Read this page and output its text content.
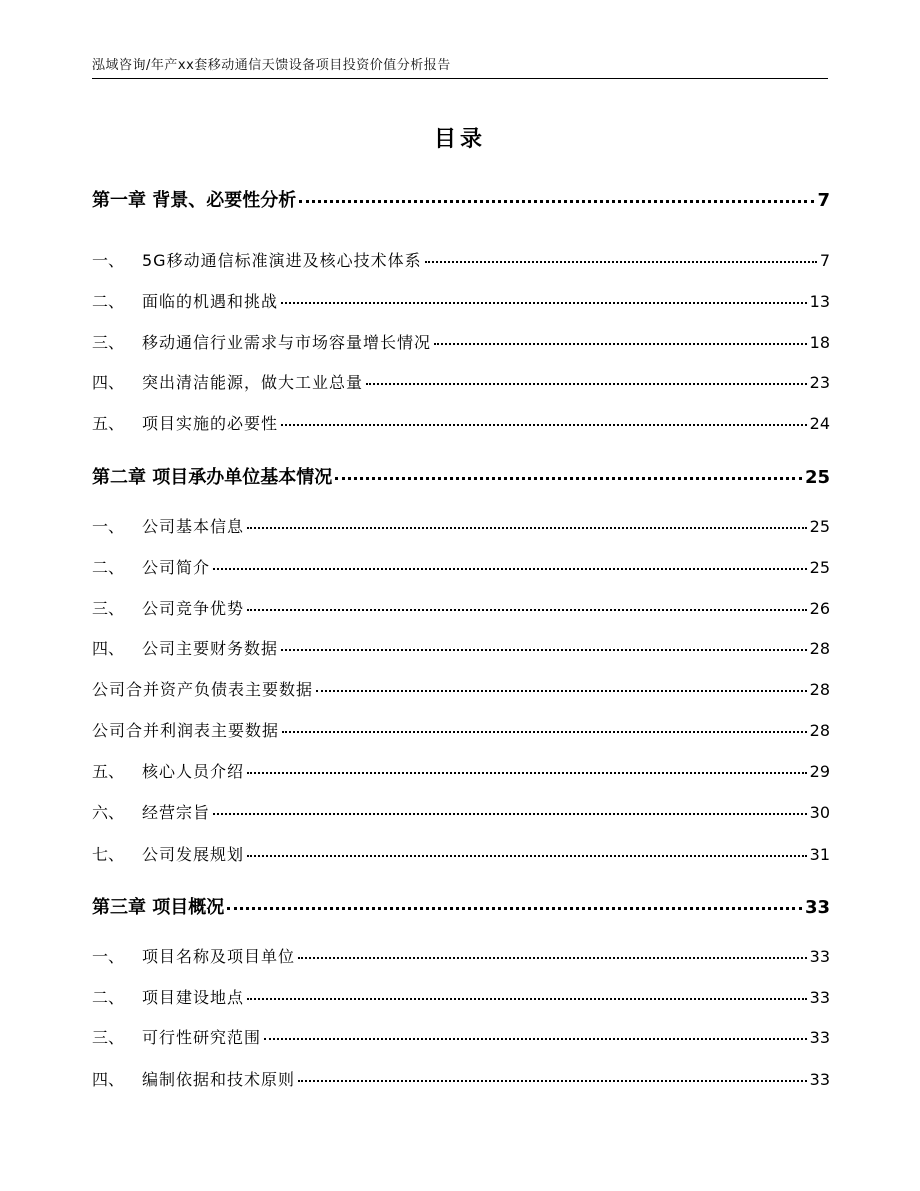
泓域咨询/年产xx套移动通信天馈设备项目投资价值分析报告
目录
第一章 背景、必要性分析	7
一、 5G移动通信标准演进及核心技术体系	7
二、 面临的机遇和挑战	13
三、 移动通信行业需求与市场容量增长情况	18
四、 突出清洁能源，做大工业总量	23
五、 项目实施的必要性	24
第二章 项目承办单位基本情况	25
一、 公司基本信息	25
二、 公司简介	25
三、 公司竞争优势	26
四、 公司主要财务数据	28
公司合并资产负债表主要数据	28
公司合并利润表主要数据	28
五、 核心人员介绍	29
六、 经营宗旨	30
七、 公司发展规划	31
第三章 项目概况	33
一、 项目名称及项目单位	33
二、 项目建设地点	33
三、 可行性研究范围	33
四、 编制依据和技术原则	33
